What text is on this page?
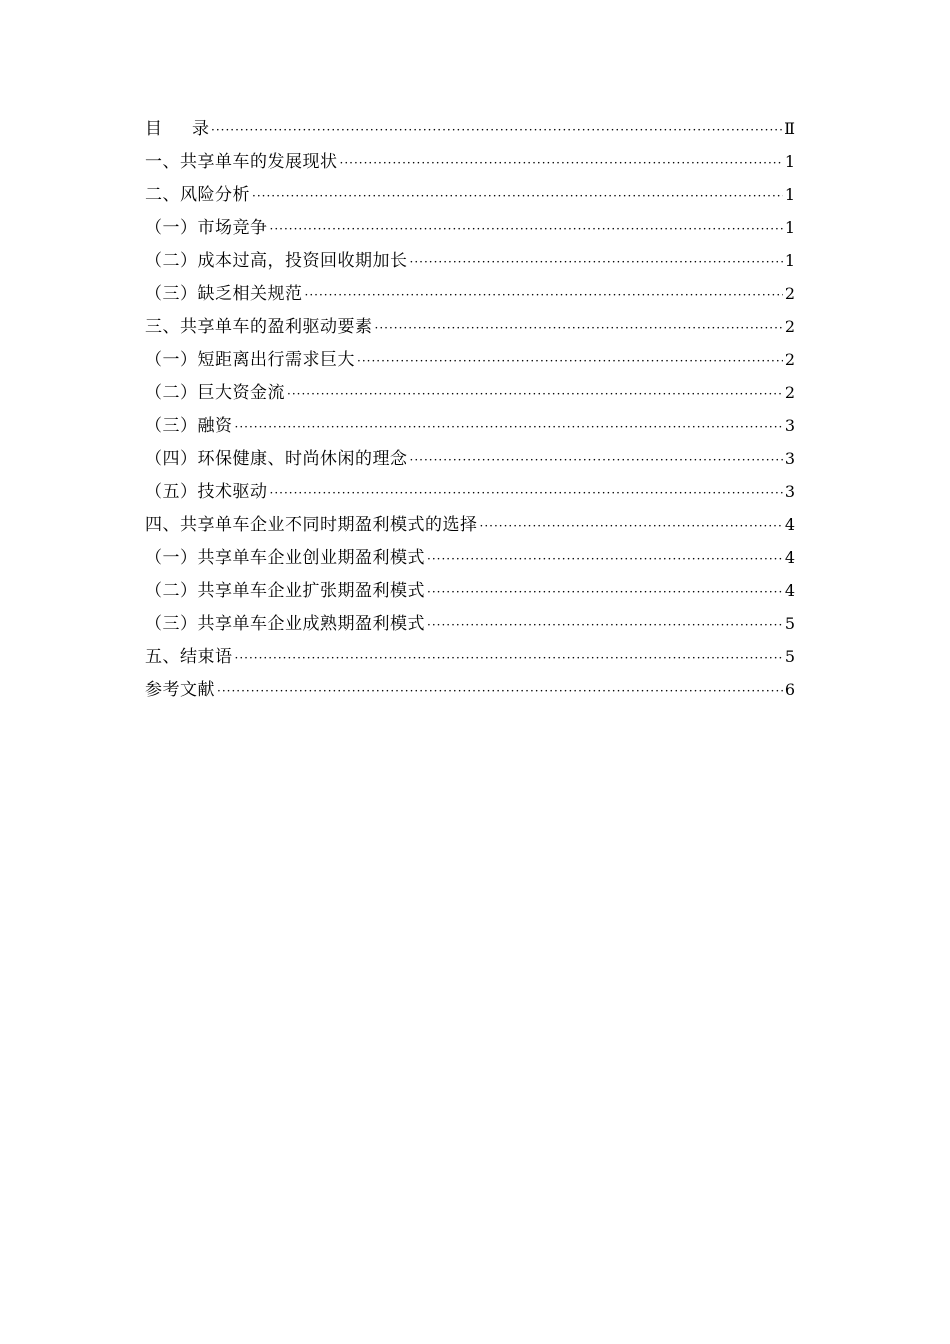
目 录 ·····	Ⅱ
一、共享单车的发展现状 ·····	1
二、风险分析 ·····	1
（一）市场竞争 ·····	1
（二）成本过高，投资回收期加长 ·····	1
（三）缺乏相关规范 ·····	2
三、共享单车的盈利驱动要素 ·····	2
（一）短距离出行需求巨大 ·····	2
（二）巨大资金流 ·····	2
（三）融资 ·····	3
（四）环保健康、时尚休闲的理念 ·····	3
（五）技术驱动 ·····	3
四、共享单车企业不同时期盈利模式的选择 ·····	4
（一）共享单车企业创业期盈利模式 ·····	4
（二）共享单车企业扩张期盈利模式 ·····	4
（三）共享单车企业成熟期盈利模式 ·····	5
五、结束语 ·····	5
参考文献 ·····	6
